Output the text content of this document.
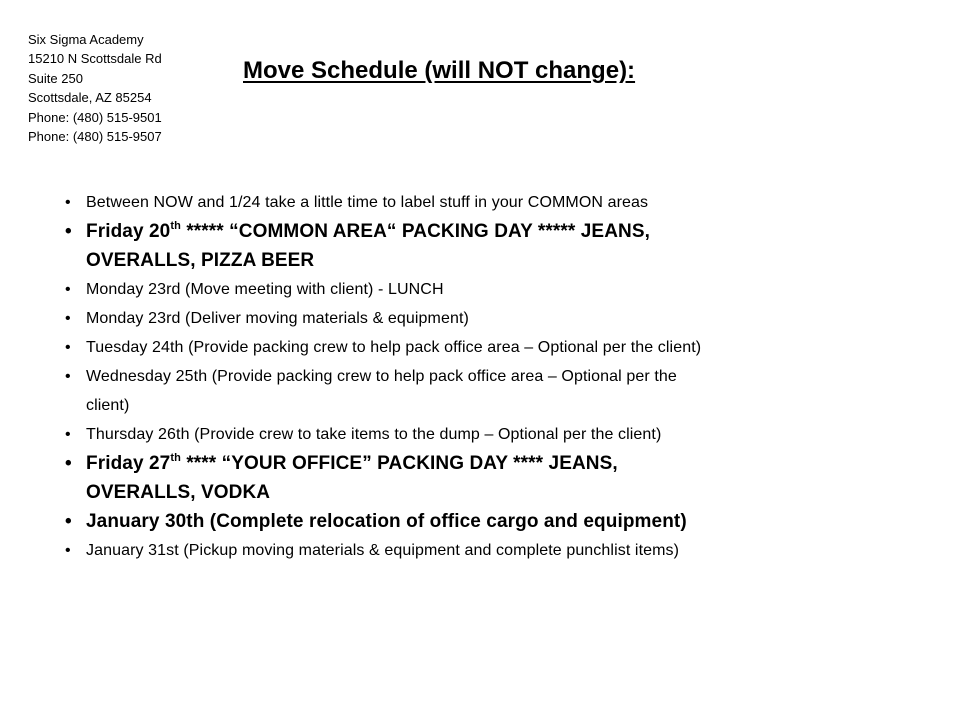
Six Sigma Academy
15210 N Scottsdale Rd
Suite 250
Scottsdale, AZ 85254
Phone: (480) 515-9501
Phone: (480) 515-9507
Move Schedule (will NOT change):
• Between NOW and 1/24 take a little time to label stuff in your COMMON areas
• Friday 20th ***** “COMMON AREA“ PACKING DAY ***** JEANS,
OVERALLS, PIZZA BEER
• Monday 23rd (Move meeting with client) - LUNCH
• Monday 23rd (Deliver moving materials & equipment)
• Tuesday 24th (Provide packing crew to help pack office area – Optional per the client)
• Wednesday 25th (Provide packing crew to help pack office area – Optional per the
client)
• Thursday 26th (Provide crew to take items to the dump – Optional per the client)
• Friday 27th **** “YOUR OFFICE” PACKING DAY **** JEANS,
OVERALLS, VODKA
• January 30th (Complete relocation of office cargo and equipment)
• January 31st (Pickup moving materials & equipment and complete punchlist items)
